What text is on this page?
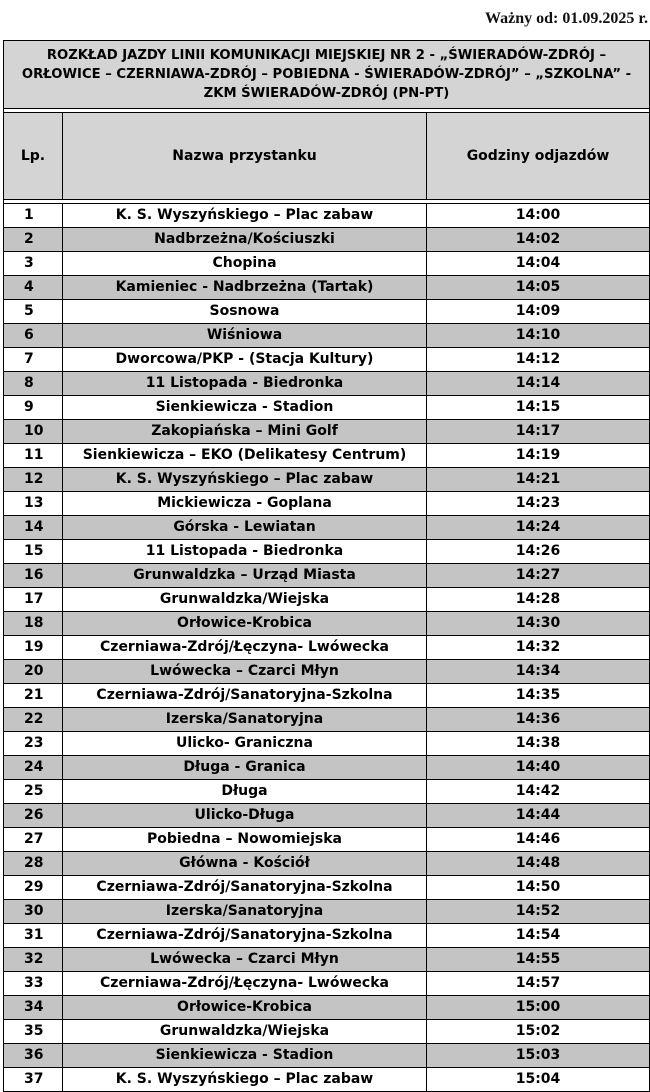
Ważny od: 01.09.2025 r.
ROZKŁAD JAZDY LINII KOMUNIKACJI MIEJSKIEJ NR 2 - „ŚWIERADÓW-ZDRÓJ – ORŁOWICE – CZERNIAWA-ZDRÓJ – POBIEDNA - ŚWIERADÓW-ZDRÓJ” – „SZKOLNA” - ZKM ŚWIERADÓW-ZDRÓJ (PN-PT)		

Lp.	Nazwa przystanku	Godziny odjazdów

1	K. S. Wyszyńskiego – Plac zabaw	14:00
2	Nadbrzeżna/Kościuszki	14:02
3	Chopina	14:04
4	Kamieniec - Nadbrzeżna (Tartak)	14:05
5	Sosnowa	14:09
6	Wiśniowa	14:10
7	Dworcowa/PKP - (Stacja Kultury)	14:12
8	11 Listopada - Biedronka	14:14
9	Sienkiewicza - Stadion	14:15
10	Zakopiańska – Mini Golf	14:17
11	Sienkiewicza – EKO (Delikatesy Centrum)	14:19
12	K. S. Wyszyńskiego – Plac zabaw	14:21
13	Mickiewicza - Goplana	14:23
14	Górska - Lewiatan	14:24
15	11 Listopada - Biedronka	14:26
16	Grunwaldzka – Urząd Miasta	14:27
17	Grunwaldzka/Wiejska	14:28
18	Orłowice-Krobica	14:30
19	Czerniawa-Zdrój/Łęczyna- Lwówecka	14:32
20	Lwówecka – Czarci Młyn	14:34
21	Czerniawa-Zdrój/Sanatoryjna-Szkolna	14:35
22	Izerska/Sanatoryjna	14:36
23	Ulicko- Graniczna	14:38
24	Długa - Granica	14:40
25	Długa	14:42
26	Ulicko-Długa	14:44
27	Pobiedna – Nowomiejska	14:46
28	Główna - Kościół	14:48
29	Czerniawa-Zdrój/Sanatoryjna-Szkolna	14:50
30	Izerska/Sanatoryjna	14:52
31	Czerniawa-Zdrój/Sanatoryjna-Szkolna	14:54
32	Lwówecka – Czarci Młyn	14:55
33	Czerniawa-Zdrój/Łęczyna- Lwówecka	14:57
34	Orłowice-Krobica	15:00
35	Grunwaldzka/Wiejska	15:02
36	Sienkiewicza - Stadion	15:03
37	K. S. Wyszyńskiego – Plac zabaw	15:04
